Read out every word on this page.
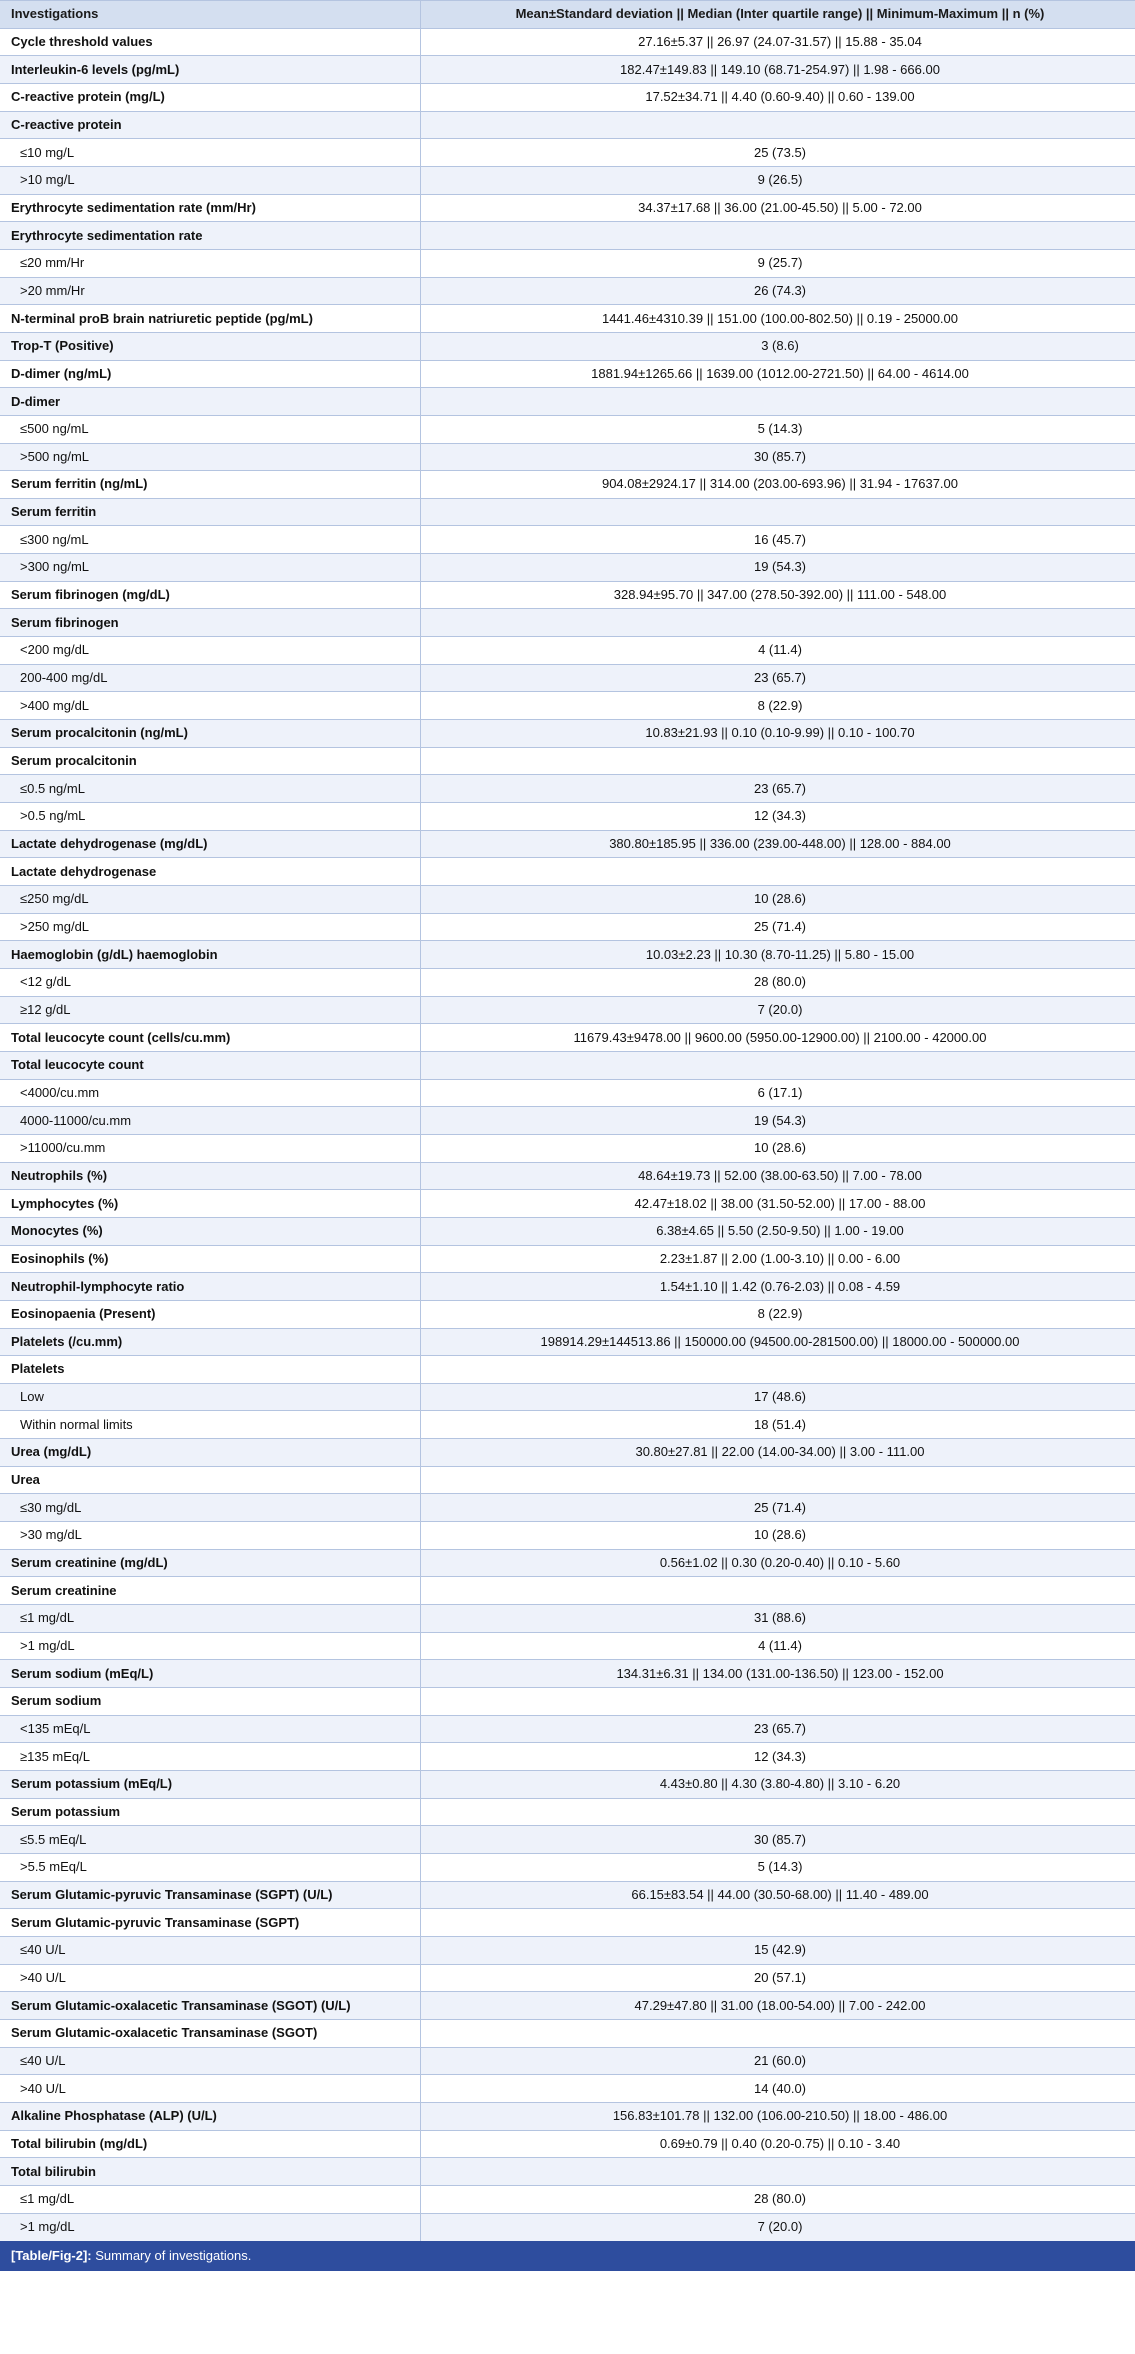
Investigations	Mean±Standard deviation || Median (Inter quartile range) || Minimum-Maximum || n (%)
Cycle threshold values	27.16±5.37 || 26.97 (24.07-31.57) || 15.88 - 35.04
Interleukin-6 levels (pg/mL)	182.47±149.83 || 149.10 (68.71-254.97) || 1.98 - 666.00
C-reactive protein (mg/L)	17.52±34.71 || 4.40 (0.60-9.40) || 0.60 - 139.00
C-reactive protein	
≤10 mg/L	25 (73.5)
>10 mg/L	9 (26.5)
Erythrocyte sedimentation rate (mm/Hr)	34.37±17.68 || 36.00 (21.00-45.50) || 5.00 - 72.00
Erythrocyte sedimentation rate	
≤20 mm/Hr	9 (25.7)
>20 mm/Hr	26 (74.3)
N-terminal proB brain natriuretic peptide (pg/mL)	1441.46±4310.39 || 151.00 (100.00-802.50) || 0.19 - 25000.00
Trop-T (Positive)	3 (8.6)
D-dimer (ng/mL)	1881.94±1265.66 || 1639.00 (1012.00-2721.50) || 64.00 - 4614.00
D-dimer	
≤500 ng/mL	5 (14.3)
>500 ng/mL	30 (85.7)
Serum ferritin (ng/mL)	904.08±2924.17 || 314.00 (203.00-693.96) || 31.94 - 17637.00
Serum ferritin	
≤300 ng/mL	16 (45.7)
>300 ng/mL	19 (54.3)
Serum fibrinogen (mg/dL)	328.94±95.70 || 347.00 (278.50-392.00) || 111.00 - 548.00
Serum fibrinogen	
<200 mg/dL	4 (11.4)
200-400 mg/dL	23 (65.7)
>400 mg/dL	8 (22.9)
Serum procalcitonin (ng/mL)	10.83±21.93 || 0.10 (0.10-9.99) || 0.10 - 100.70
Serum procalcitonin	
≤0.5 ng/mL	23 (65.7)
>0.5 ng/mL	12 (34.3)
Lactate dehydrogenase (mg/dL)	380.80±185.95 || 336.00 (239.00-448.00) || 128.00 - 884.00
Lactate dehydrogenase	
≤250 mg/dL	10 (28.6)
>250 mg/dL	25 (71.4)
Haemoglobin (g/dL) haemoglobin	10.03±2.23 || 10.30 (8.70-11.25) || 5.80 - 15.00
<12 g/dL	28 (80.0)
≥12 g/dL	7 (20.0)
Total leucocyte count (cells/cu.mm)	11679.43±9478.00 || 9600.00 (5950.00-12900.00) || 2100.00 - 42000.00
Total leucocyte count	
<4000/cu.mm	6 (17.1)
4000-11000/cu.mm	19 (54.3)
>11000/cu.mm	10 (28.6)
Neutrophils (%)	48.64±19.73 || 52.00 (38.00-63.50) || 7.00 - 78.00
Lymphocytes (%)	42.47±18.02 || 38.00 (31.50-52.00) || 17.00 - 88.00
Monocytes (%)	6.38±4.65 || 5.50 (2.50-9.50) || 1.00 - 19.00
Eosinophils (%)	2.23±1.87 || 2.00 (1.00-3.10) || 0.00 - 6.00
Neutrophil-lymphocyte ratio	1.54±1.10 || 1.42 (0.76-2.03) || 0.08 - 4.59
Eosinopaenia (Present)	8 (22.9)
Platelets (/cu.mm)	198914.29±144513.86 || 150000.00 (94500.00-281500.00) || 18000.00 - 500000.00
Platelets	
Low	17 (48.6)
Within normal limits	18 (51.4)
Urea (mg/dL)	30.80±27.81 || 22.00 (14.00-34.00) || 3.00 - 111.00
Urea	
≤30 mg/dL	25 (71.4)
>30 mg/dL	10 (28.6)
Serum creatinine (mg/dL)	0.56±1.02 || 0.30 (0.20-0.40) || 0.10 - 5.60
Serum creatinine	
≤1 mg/dL	31 (88.6)
>1 mg/dL	4 (11.4)
Serum sodium (mEq/L)	134.31±6.31 || 134.00 (131.00-136.50) || 123.00 - 152.00
Serum sodium	
<135 mEq/L	23 (65.7)
≥135 mEq/L	12 (34.3)
Serum potassium (mEq/L)	4.43±0.80 || 4.30 (3.80-4.80) || 3.10 - 6.20
Serum potassium	
≤5.5 mEq/L	30 (85.7)
>5.5 mEq/L	5 (14.3)
Serum Glutamic-pyruvic Transaminase (SGPT) (U/L)	66.15±83.54 || 44.00 (30.50-68.00) || 11.40 - 489.00
Serum Glutamic-pyruvic Transaminase (SGPT)	
≤40 U/L	15 (42.9)
>40 U/L	20 (57.1)
Serum Glutamic-oxalacetic Transaminase (SGOT) (U/L)	47.29±47.80 || 31.00 (18.00-54.00) || 7.00 - 242.00
Serum Glutamic-oxalacetic Transaminase (SGOT)	
≤40 U/L	21 (60.0)
>40 U/L	14 (40.0)
Alkaline Phosphatase (ALP) (U/L)	156.83±101.78 || 132.00 (106.00-210.50) || 18.00 - 486.00
Total bilirubin (mg/dL)	0.69±0.79 || 0.40 (0.20-0.75) || 0.10 - 3.40
Total bilirubin	
≤1 mg/dL	28 (80.0)
>1 mg/dL	7 (20.0)
[Table/Fig-2]: Summary of investigations.
